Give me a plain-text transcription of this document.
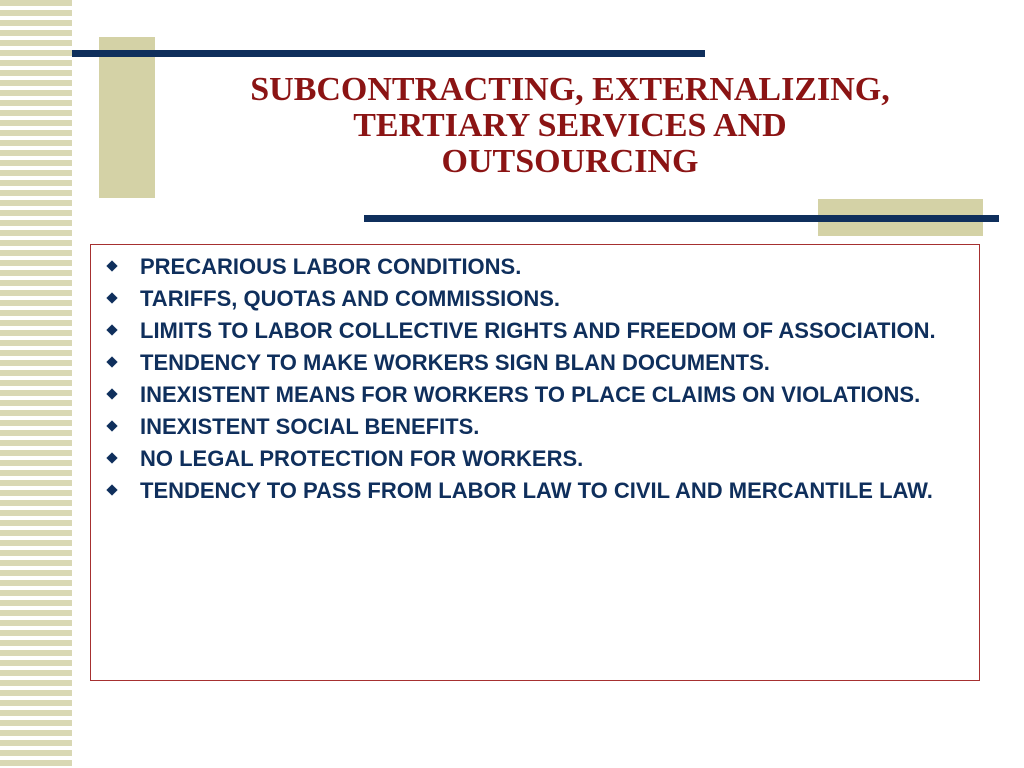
SUBCONTRACTING, EXTERNALIZING,
TERTIARY SERVICES AND
OUTSOURCING
PRECARIOUS LABOR CONDITIONS.
TARIFFS, QUOTAS AND COMMISSIONS.
LIMITS TO LABOR COLLECTIVE RIGHTS AND FREEDOM OF ASSOCIATION.
TENDENCY TO MAKE WORKERS SIGN BLAN DOCUMENTS.
INEXISTENT MEANS FOR WORKERS TO PLACE CLAIMS ON VIOLATIONS.
INEXISTENT SOCIAL BENEFITS.
NO LEGAL PROTECTION FOR WORKERS.
TENDENCY TO PASS FROM LABOR LAW TO CIVIL AND MERCANTILE LAW.
